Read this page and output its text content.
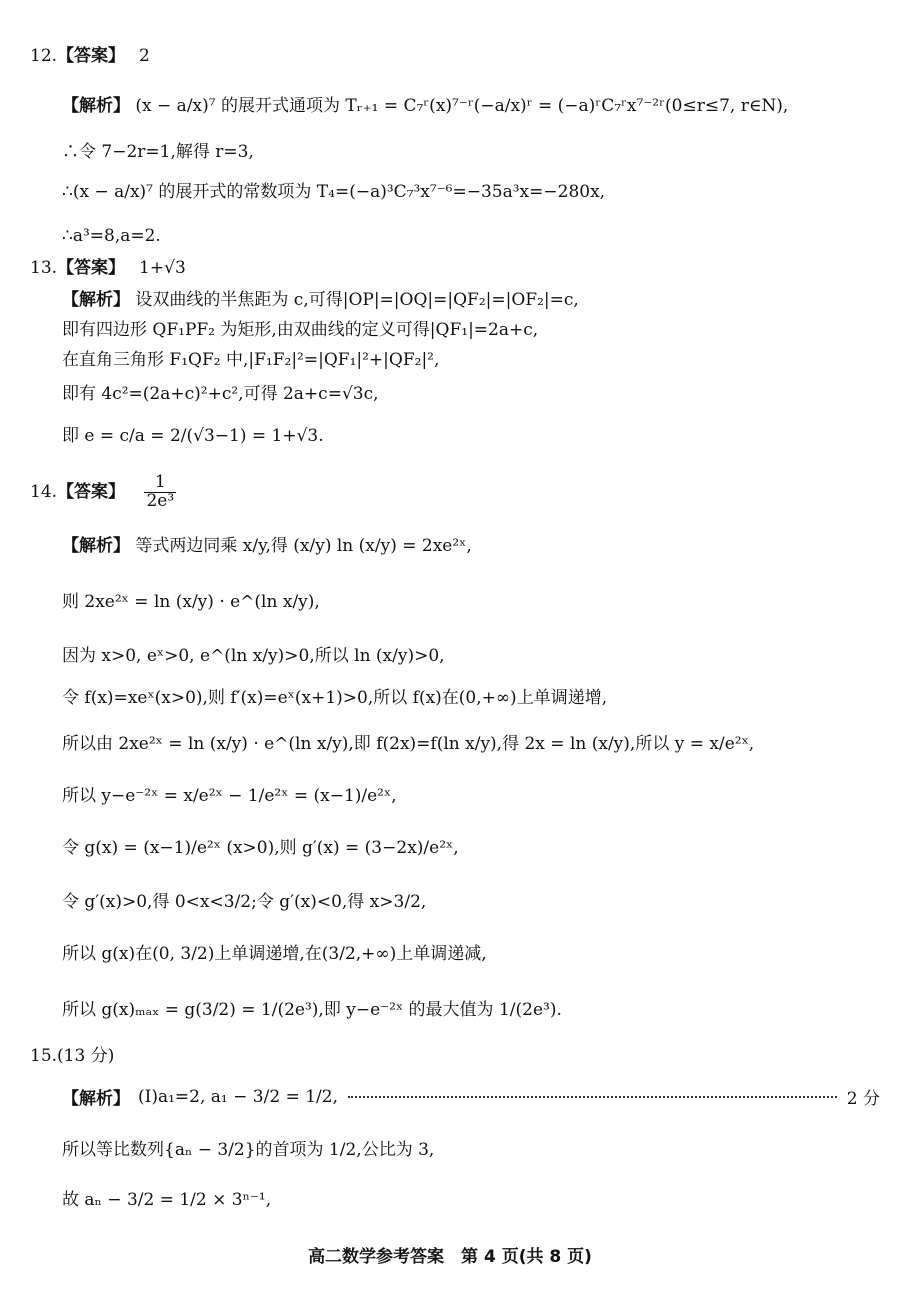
12.【答案】 2
【解析】 (x − a/x)⁷ 的展开式通项为 Tᵣ₊₁ = C₇ʳ(x)⁷⁻ʳ(−a/x)ʳ = (−a)ʳC₇ʳx⁷⁻²ʳ(0≤r≤7, r∈N),
∴令 7−2r=1,解得 r=3,
∴(x − a/x)⁷ 的展开式的常数项为 T₄=(−a)³C₇³x⁷⁻⁶=−35a³x=−280x,
∴a³=8,a=2.
13.【答案】 1+√3
【解析】 设双曲线的半焦距为 c,可得|OP|=|OQ|=|QF₂|=|OF₂|=c,
即有四边形 QF₁PF₂ 为矩形,由双曲线的定义可得|QF₁|=2a+c,
在直角三角形 F₁QF₂ 中,|F₁F₂|²=|QF₁|²+|QF₂|²,
即有 4c²=(2a+c)²+c²,可得 2a+c=√3c,
即 e = c/a = 2/(√3−1) = 1+√3.
14.【答案】 $\frac{1}{\text{2e³}}$
【解析】 等式两边同乘 x/y,得 (x/y) ln (x/y) = 2xe²ˣ,
则 2xe²ˣ = ln (x/y) · e^(ln x/y),
因为 x>0, eˣ>0, e^(ln x/y)>0,所以 ln (x/y)>0,
令 f(x)=xeˣ(x>0),则 f′(x)=eˣ(x+1)>0,所以 f(x)在(0,+∞)上单调递增,
所以由 2xe²ˣ = ln (x/y) · e^(ln x/y),即 f(2x)=f(ln x/y),得 2x = ln (x/y),所以 y = x/e²ˣ,
所以 y−e⁻²ˣ = x/e²ˣ − 1/e²ˣ = (x−1)/e²ˣ,
令 g(x) = (x−1)/e²ˣ (x>0),则 g′(x) = (3−2x)/e²ˣ,
令 g′(x)>0,得 0<x<3/2;令 g′(x)<0,得 x>3/2,
所以 g(x)在(0, 3/2)上单调递增,在(3/2,+∞)上单调递减,
所以 g(x)ₘₐₓ = g(3/2) = 1/(2e³),即 y−e⁻²ˣ 的最大值为 1/(2e³).
15.(13 分)
【解析】 (Ⅰ)a₁=2, a₁ − 3/2 = 1/2,	2 分
所以等比数列{aₙ − 3/2}的首项为 1/2,公比为 3,
故 aₙ − 3/2 = 1/2 × 3ⁿ⁻¹,
高二数学参考答案　第 4 页(共 8 页)
